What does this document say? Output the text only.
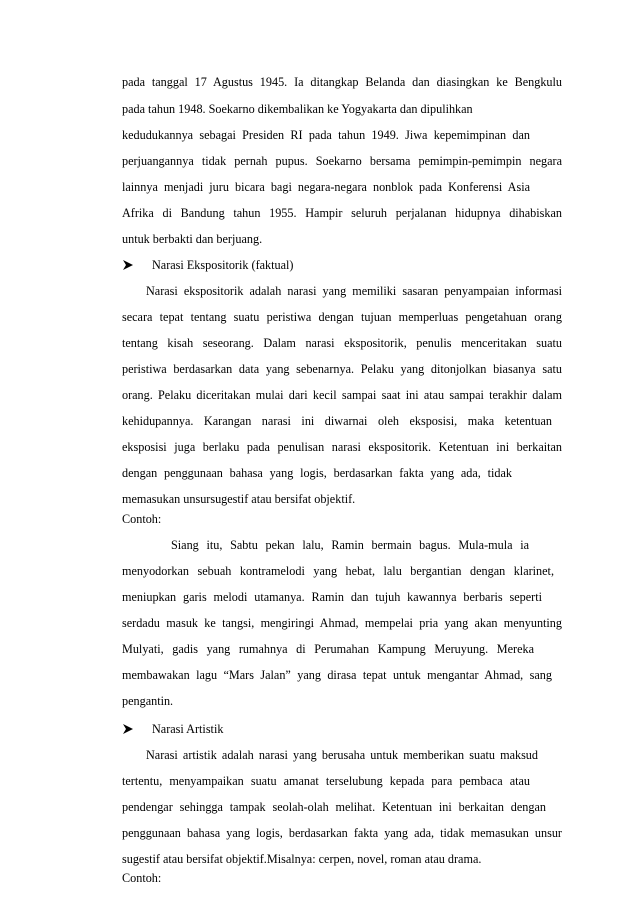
pada tanggal 17 Agustus 1945. Ia ditangkap Belanda dan diasingkan ke Bengkulu
pada tahun 1948. Soekarno dikembalikan ke Yogyakarta dan dipulihkan
kedudukannya sebagai Presiden RI pada tahun 1949. Jiwa kepemimpinan dan
perjuangannya tidak pernah pupus. Soekarno bersama pemimpin-pemimpin negara
lainnya menjadi juru bicara bagi negara-negara nonblok pada Konferensi Asia
Afrika di Bandung tahun 1955. Hampir seluruh perjalanan hidupnya dihabiskan
untuk berbakti dan berjuang.
Narasi Ekspositorik (faktual)
Narasi ekspositorik adalah narasi yang memiliki sasaran penyampaian informasi
secara tepat tentang suatu peristiwa dengan tujuan memperluas pengetahuan orang
tentang kisah seseorang. Dalam narasi ekspositorik, penulis menceritakan suatu
peristiwa berdasarkan data yang sebenarnya. Pelaku yang ditonjolkan biasanya satu
orang. Pelaku diceritakan mulai dari kecil sampai saat ini atau sampai terakhir dalam
kehidupannya. Karangan narasi ini diwarnai oleh eksposisi, maka ketentuan
eksposisi juga berlaku pada penulisan narasi ekspositorik. Ketentuan ini berkaitan
dengan penggunaan bahasa yang logis, berdasarkan fakta yang ada, tidak
memasukan unsursugestif atau bersifat objektif.
Contoh:
Siang itu, Sabtu pekan lalu, Ramin bermain bagus. Mula-mula ia
menyodorkan sebuah kontramelodi yang hebat, lalu bergantian dengan klarinet,
meniupkan garis melodi utamanya. Ramin dan tujuh kawannya berbaris seperti
serdadu masuk ke tangsi, mengiringi Ahmad, mempelai pria yang akan menyunting
Mulyati, gadis yang rumahnya di Perumahan Kampung Meruyung. Mereka
membawakan lagu “Mars Jalan” yang dirasa tepat untuk mengantar Ahmad, sang
pengantin.
Narasi Artistik
Narasi artistik adalah narasi yang berusaha untuk memberikan suatu maksud
tertentu, menyampaikan suatu amanat terselubung kepada para pembaca atau
pendengar sehingga tampak seolah-olah melihat. Ketentuan ini berkaitan dengan
penggunaan bahasa yang logis, berdasarkan fakta yang ada, tidak memasukan unsur
sugestif atau bersifat objektif.Misalnya: cerpen, novel, roman atau drama.
Contoh:
